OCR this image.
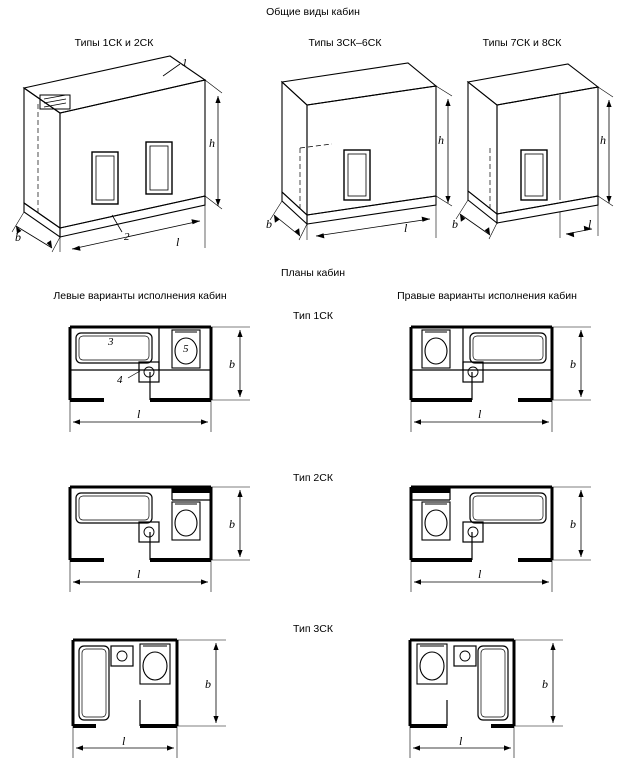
Общие виды кабин
Планы кабин
Типы 1СК и 2СК	Типы 3СК–6СК	Типы 7СК и 8СК
Левые варианты исполнения кабин	Правые варианты исполнения кабин
Тип 1СК
Тип 2СК
Тип 3СК
h
l
b
1
2
h
l
b
h
l
b
3
5
4
b
l
b
l
b
l
b
l
b
l
b
l
